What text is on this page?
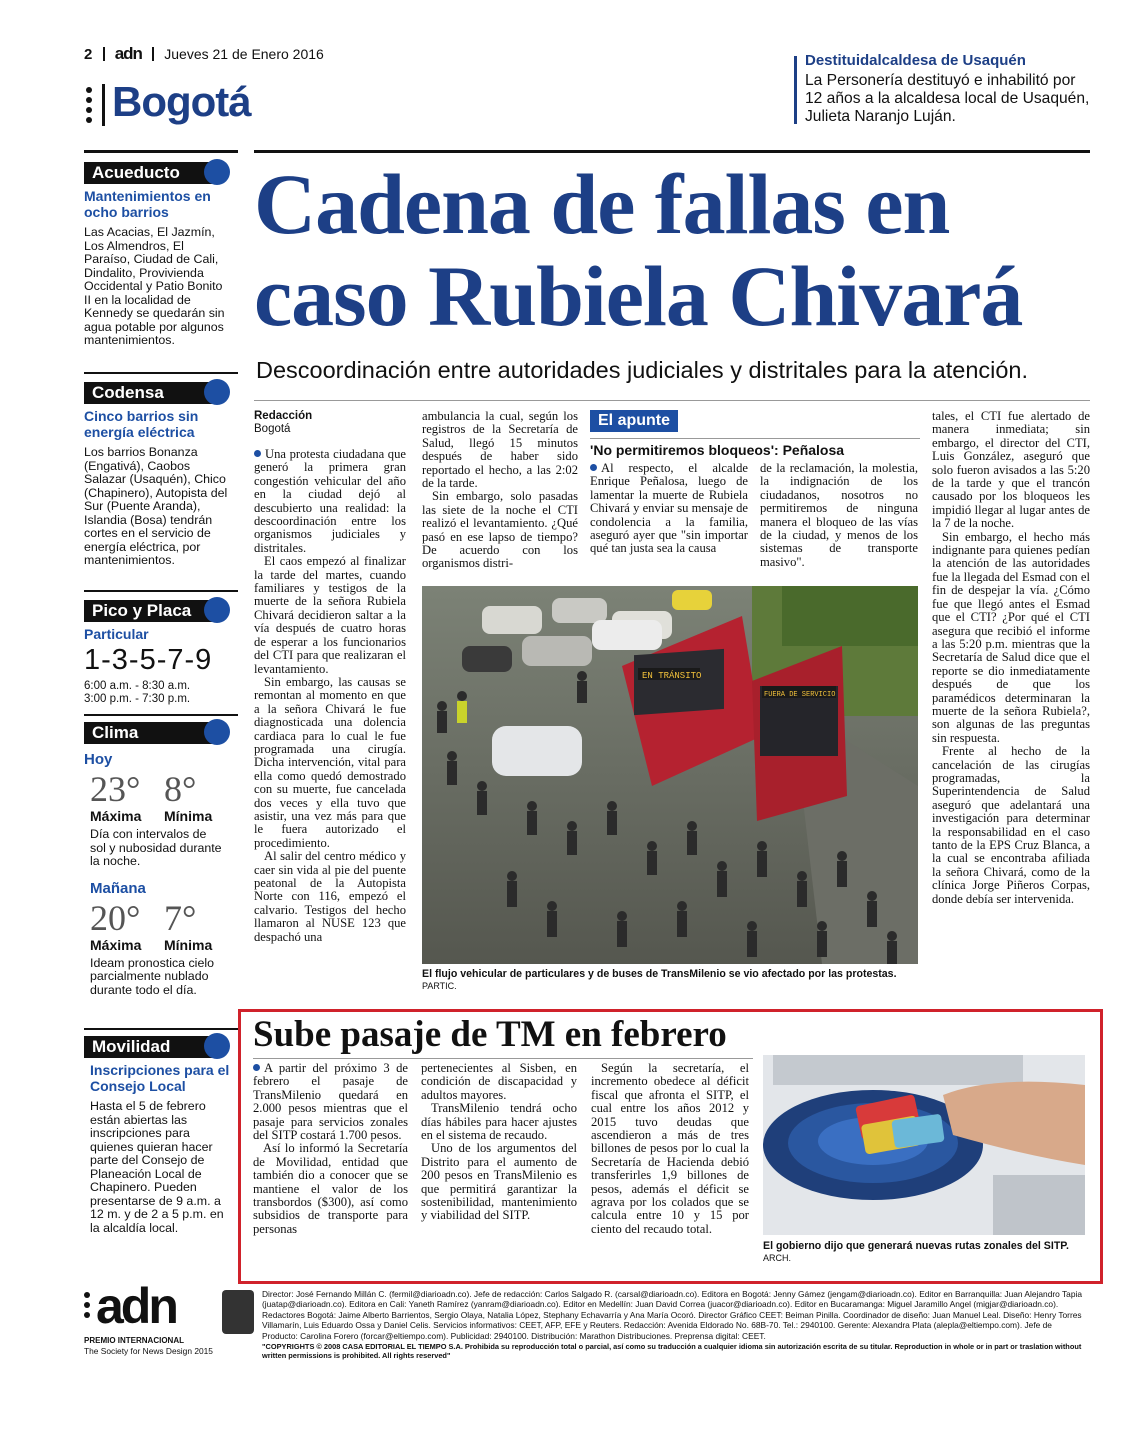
2 adn Jueves 21 de Enero 2016
Bogotá
Destituidalcaldesa de Usaquén
La Personería destituyó e inhabilitó por 12 años a la alcaldesa local de Usaquén, Julieta Naranjo Luján.
Acueducto
Mantenimientos en ocho barrios
Las Acacias, El Jazmín, Los Almendros, El Paraíso, Ciudad de Cali, Dindalito, Provivienda Occidental y Patio Bonito II en la localidad de Kennedy se quedarán sin agua potable por algunos mantenimientos.
Codensa
Cinco barrios sin energía eléctrica
Los barrios Bonanza (Engativá), Caobos Salazar (Usaquén), Chico (Chapinero), Autopista del Sur (Puente Aranda), Islandia (Bosa) tendrán cortes en el servicio de energía eléctrica, por mantenimientos.
Pico y Placa
Particular
1-3-5-7-9
6:00 a.m. - 8:30 a.m.
3:00 p.m. - 7:30 p.m.
Clima
Hoy
23° 8°
Máxima Mínima
Día con intervalos de sol y nubosidad durante la noche.
Mañana
20° 7°
Máxima Mínima
Ideam pronostica cielo parcialmente nublado durante todo el día.
Movilidad
Inscripciones para el Consejo Local
Hasta el 5 de febrero están abiertas las inscripciones para quienes quieran hacer parte del Consejo de Planeación Local de Chapinero. Pueden presentarse de 9 a.m. a 12 m. y de 2 a 5 p.m. en la alcaldía local.
Cadena de fallas en caso Rubiela Chivará
Descoordinación entre autoridades judiciales y distritales para la atención.
Redacción
Bogotá

Una protesta ciudadana que generó la primera gran congestión vehicular del año en la ciudad dejó al descubierto una realidad: la descoordinación entre los organismos judiciales y distritales.

El caos empezó al finalizar la tarde del martes, cuando familiares y testigos de la muerte de la señora Rubiela Chivará decidieron saltar a la vía después de cuatro horas de esperar a los funcionarios del CTI para que realizaran el levantamiento.

Sin embargo, las causas se remontan al momento en que a la señora Chivará le fue diagnosticada una dolencia cardiaca para lo cual le fue programada una cirugía. Dicha intervención, vital para ella como quedó demostrado con su muerte, fue cancelada dos veces y ella tuvo que asistir, una vez más para que le fuera autorizado el procedimiento.

Al salir del centro médico y caer sin vida al pie del puente peatonal de la Autopista Norte con 116, empezó el calvario. Testigos del hecho llamaron al NUSE 123 que despachó una

ambulancia la cual, según los registros de la Secretaría de Salud, llegó 15 minutos después de haber sido reportado el hecho, a las 2:02 de la tarde.

Sin embargo, solo pasadas las siete de la noche el CTI realizó el levantamiento. ¿Qué pasó en ese lapso de tiempo? De acuerdo con los organismos distri-

El apunte
'No permitiremos bloqueos': Peñalosa

Al respecto, el alcalde Enrique Peñalosa, luego de lamentar la muerte de Rubiela Chivará y enviar su mensaje de condolencia a la familia, aseguró ayer que "sin importar qué tan justa sea la causa

de la reclamación, la molestia, la indignación de los ciudadanos, nosotros no permitiremos de ninguna manera el bloqueo de las vías de la ciudad, y menos de los sistemas de transporte masivo".

tales, el CTI fue alertado de manera inmediata; sin embargo, el director del CTI, Luis González, aseguró que solo fueron avisados a las 5:20 de la tarde y que el trancón causado por los bloqueos les impidió llegar al lugar antes de la 7 de la noche.

Sin embargo, el hecho más indignante para quienes pedían la atención de las autoridades fue la llegada del Esmad con el fin de despejar la vía. ¿Cómo fue que llegó antes el Esmad que el CTI? ¿Por qué el CTI asegura que recibió el informe a las 5:20 p.m. mientras que la Secretaría de Salud dice que el reporte se dio inmediatamente después de que los paramédicos determinaran la muerte de la señora Rubiela?, son algunas de las preguntas sin respuesta.

Frente al hecho de la cancelación de las cirugías programadas, la Superintendencia de Salud aseguró que adelantará una investigación para determinar la responsabilidad en el caso tanto de la EPS Cruz Blanca, a la cual se encontraba afiliada la señora Chivará, como de la clínica Jorge Piñeros Corpas, donde debía ser intervenida.

EN TRÁNSITO
FUERA DE SERVICIO
El flujo vehicular de particulares y de buses de TransMilenio se vio afectado por las protestas. PARTIC.
Sube pasaje de TM en febrero

A partir del próximo 3 de febrero el pasaje de TransMilenio quedará en 2.000 pesos mientras que el pasaje para servicios zonales del SITP costará 1.700 pesos.

Así lo informó la Secretaría de Movilidad, entidad que también dio a conocer que se mantiene el valor de los transbordos ($300), así como subsidios de transporte para personas

pertenecientes al Sisben, en condición de discapacidad y adultos mayores.

TransMilenio tendrá ocho días hábiles para hacer ajustes en el sistema de recaudo.

Uno de los argumentos del Distrito para el aumento de 200 pesos en TransMilenio es que permitirá garantizar la sostenibilidad, mantenimiento y viabilidad del SITP.

Según la secretaría, el incremento obedece al déficit fiscal que afronta el SITP, el cual entre los años 2012 y 2015 tuvo deudas que ascendieron a más de tres billones de pesos por lo cual la Secretaría de Hacienda debió transferirles 1,9 billones de pesos, además el déficit se agrava por los colados que se calcula entre 10 y 15 por ciento del recaudo total.

El gobierno dijo que generará nuevas rutas zonales del SITP. ARCH.
adn
PREMIO INTERNACIONAL
The Society for News Design 2015
Director: José Fernando Millán C. (fermil@diarioadn.co). Jefe de redacción: Carlos Salgado R. (carsal@diarioadn.co). Editora en Bogotá: Jenny Gámez (jengam@diarioadn.co). Editor en Barranquilla: Juan Alejandro Tapia (juatap@diarioadn.co). Editora en Cali: Yaneth Ramírez (yanram@diarioadn.co). Editor en Medellín: Juan David Correa (juacor@diarioadn.co). Editor en Bucaramanga: Miguel Jaramillo Angel (migjar@diarioadn.co). Redactores Bogotá: Jaime Alberto Barrientos, Sergio Olaya, Natalia López, Stephany Echavarría y Ana María Ocoró. Director Gráfico CEET: Beiman Pinilla. Coordinador de diseño: Juan Manuel Leal. Diseño: Henry Torres Villamarín, Luis Eduardo Ossa y Daniel Celis. Servicios informativos: CEET, AFP, EFE y Reuters. Redacción: Avenida Eldorado No. 68B-70. Tel.: 2940100. Gerente: Alexandra Plata (alepla@eltiempo.com). Jefe de Producto: Carolina Forero (forcar@eltiempo.com). Publicidad: 2940100. Distribución: Marathon Distribuciones. Preprensa digital: CEET.
"COPYRIGHTS © 2008 CASA EDITORIAL EL TIEMPO S.A. Prohibida su reproducción total o parcial, así como su traducción a cualquier idioma sin autorización escrita de su titular. Reproduction in whole or in part or traslation without written permissions is prohibited. All rights reserved"
